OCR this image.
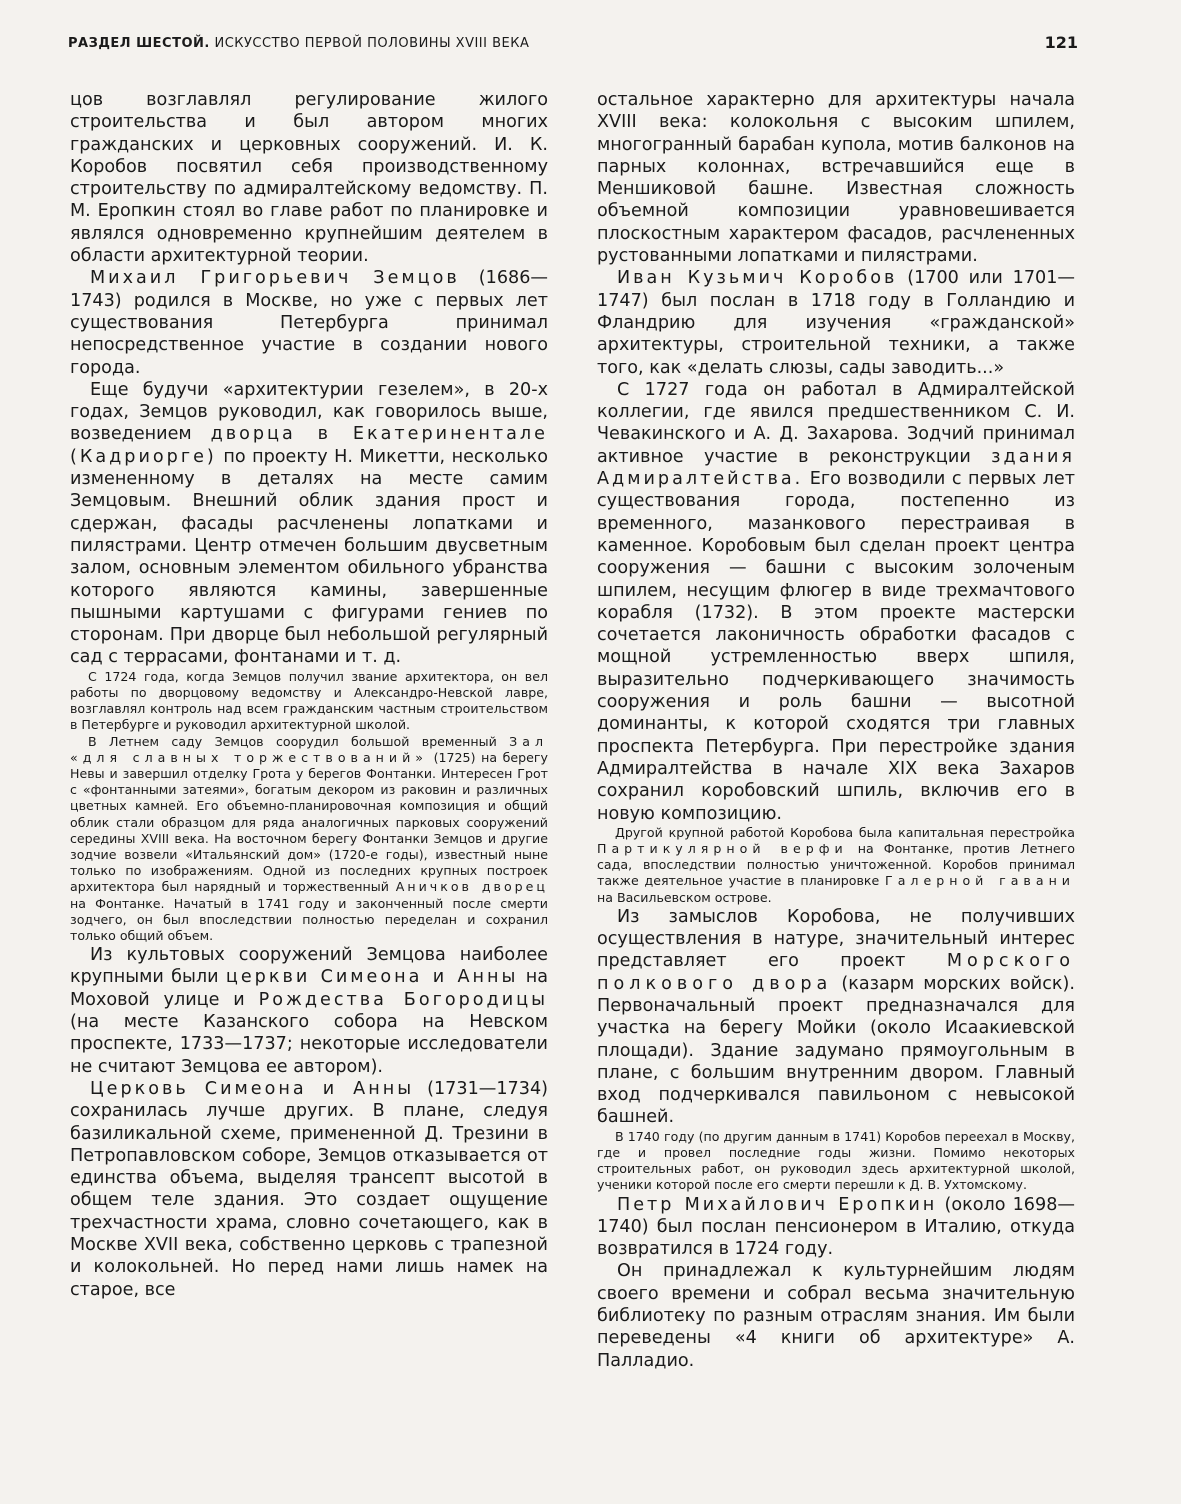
РАЗДЕЛ ШЕСТОЙ. ИСКУССТВО ПЕРВОЙ ПОЛОВИНЫ XVIII ВЕКА	121

цов возглавлял регулирование жилого строительства и был автором многих гражданских и церковных сооружений. И. К. Коробов посвятил себя производственному строительству по адмиралтейскому ведомству. П. М. Еропкин стоял во главе работ по планировке и являлся одновременно крупнейшим деятелем в области архитектурной теории.

Михаил Григорьевич Земцов (1686—1743) родился в Москве, но уже с первых лет существования Петербурга принимал непосредственное участие в создании нового города.

Еще будучи «архитектурии гезелем», в 20-х годах, Земцов руководил, как говорилось выше, возведением дворца в Екатеринентале (Кадриорге) по проекту Н. Микетти, несколько измененному в деталях на месте самим Земцовым. Внешний облик здания прост и сдержан, фасады расчленены лопатками и пилястрами. Центр отмечен большим двусветным залом, основным элементом обильного убранства которого являются камины, завершенные пышными картушами с фигурами гениев по сторонам. При дворце был небольшой регулярный сад с террасами, фонтанами и т. д.

С 1724 года, когда Земцов получил звание архитектора, он вел работы по дворцовому ведомству и Александро-Невской лавре, возглавлял контроль над всем гражданским частным строительством в Петербурге и руководил архитектурной школой.

В Летнем саду Земцов соорудил большой временный Зал «для славных торжествований» (1725) на берегу Невы и завершил отделку Грота у берегов Фонтанки. Интересен Грот с «фонтанными затеями», богатым декором из раковин и различных цветных камней. Его объемно-планировочная композиция и общий облик стали образцом для ряда аналогичных парковых сооружений середины XVIII века. На восточном берегу Фонтанки Земцов и другие зодчие возвели «Итальянский дом» (1720-е годы), известный ныне только по изображениям. Одной из последних крупных построек архитектора был нарядный и торжественный Аничков дворец на Фонтанке. Начатый в 1741 году и законченный после смерти зодчего, он был впоследствии полностью переделан и сохранил только общий объем.

Из культовых сооружений Земцова наиболее крупными были церкви Симеона и Анны на Моховой улице и Рождества Богородицы (на месте Казанского собора на Невском проспекте, 1733—1737; некоторые исследователи не считают Земцова ее автором).

Церковь Симеона и Анны (1731—1734) сохранилась лучше других. В плане, следуя базиликальной схеме, примененной Д. Трезини в Петропавловском соборе, Земцов отказывается от единства объема, выделяя трансепт высотой в общем теле здания. Это создает ощущение трехчастности храма, словно сочетающего, как в Москве XVII века, собственно церковь с трапезной и колокольней. Но перед нами лишь намек на старое, все

остальное характерно для архитектуры начала XVIII века: колокольня с высоким шпилем, многогранный барабан купола, мотив балконов на парных колоннах, встречавшийся еще в Меншиковой башне. Известная сложность объемной композиции уравновешивается плоскостным характером фасадов, расчлененных рустованными лопатками и пилястрами.

Иван Кузьмич Коробов (1700 или 1701—1747) был послан в 1718 году в Голландию и Фландрию для изучения «гражданской» архитектуры, строительной техники, а также того, как «делать слюзы, сады заводить...»

С 1727 года он работал в Адмиралтейской коллегии, где явился предшественником С. И. Чевакинского и А. Д. Захарова. Зодчий принимал активное участие в реконструкции здания Адмиралтейства. Его возводили с первых лет существования города, постепенно из временного, мазанкового перестраивая в каменное. Коробовым был сделан проект центра сооружения — башни с высоким золоченым шпилем, несущим флюгер в виде трехмачтового корабля (1732). В этом проекте мастерски сочетается лаконичность обработки фасадов с мощной устремленностью вверх шпиля, выразительно подчеркивающего значимость сооружения и роль башни — высотной доминанты, к которой сходятся три главных проспекта Петербурга. При перестройке здания Адмиралтейства в начале XIX века Захаров сохранил коробовский шпиль, включив его в новую композицию.

Другой крупной работой Коробова была капитальная перестройка Партикулярной верфи на Фонтанке, против Летнего сада, впоследствии полностью уничтоженной. Коробов принимал также деятельное участие в планировке Галерной гавани на Васильевском острове.

Из замыслов Коробова, не получивших осуществления в натуре, значительный интерес представляет его проект Морского полкового двора (казарм морских войск). Первоначальный проект предназначался для участка на берегу Мойки (около Исаакиевской площади). Здание задумано прямоугольным в плане, с большим внутренним двором. Главный вход подчеркивался павильоном с невысокой башней.

В 1740 году (по другим данным в 1741) Коробов переехал в Москву, где и провел последние годы жизни. Помимо некоторых строительных работ, он руководил здесь архитектурной школой, ученики которой после его смерти перешли к Д. В. Ухтомскому.

Петр Михайлович Еропкин (около 1698—1740) был послан пенсионером в Италию, откуда возвратился в 1724 году.

Он принадлежал к культурнейшим людям своего времени и собрал весьма значительную библиотеку по разным отраслям знания. Им были переведены «4 книги об архитектуре» А. Палладио.
